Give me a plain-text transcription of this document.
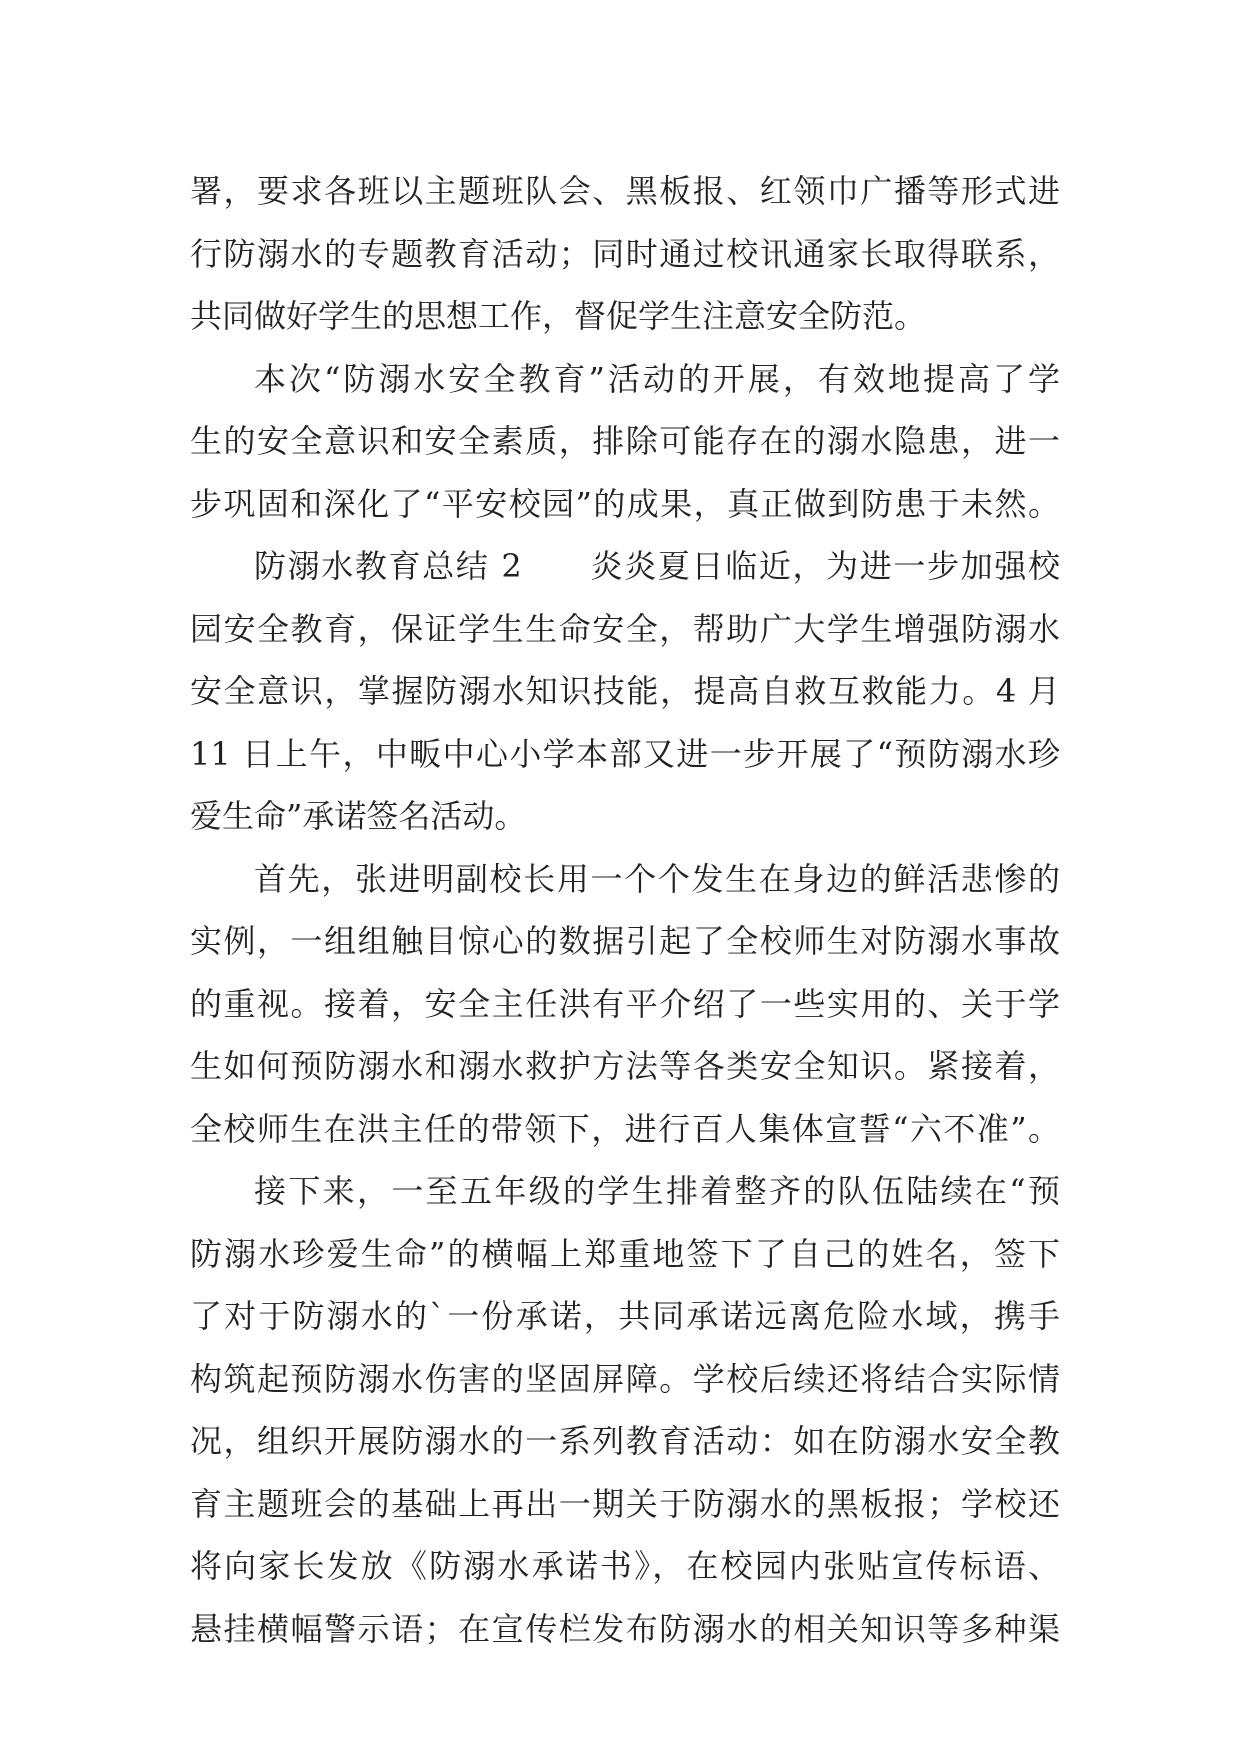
署，要求各班以主题班队会、黑板报、红领巾广播等形式进
行防溺水的专题教育活动；同时通过校讯通家长取得联系，
共同做好学生的思想工作，督促学生注意安全防范。
本次“防溺水安全教育”活动的开展，有效地提高了学
生的安全意识和安全素质，排除可能存在的溺水隐患，进一
步巩固和深化了“平安校园”的成果，真正做到防患于未然。
防溺水教育总结 2　　炎炎夏日临近，为进一步加强校
园安全教育，保证学生生命安全，帮助广大学生增强防溺水
安全意识，掌握防溺水知识技能，提高自救互救能力。4 月
11 日上午，中畈中心小学本部又进一步开展了“预防溺水珍
爱生命”承诺签名活动。
首先，张进明副校长用一个个发生在身边的鲜活悲惨的
实例，一组组触目惊心的数据引起了全校师生对防溺水事故
的重视。接着，安全主任洪有平介绍了一些实用的、关于学
生如何预防溺水和溺水救护方法等各类安全知识。紧接着，
全校师生在洪主任的带领下，进行百人集体宣誓“六不准”。
接下来，一至五年级的学生排着整齐的队伍陆续在“预
防溺水珍爱生命”的横幅上郑重地签下了自己的姓名，签下
了对于防溺水的`一份承诺，共同承诺远离危险水域，携手
构筑起预防溺水伤害的坚固屏障。学校后续还将结合实际情
况，组织开展防溺水的一系列教育活动：如在防溺水安全教
育主题班会的基础上再出一期关于防溺水的黑板报；学校还
将向家长发放《防溺水承诺书》，在校园内张贴宣传标语、
悬挂横幅警示语；在宣传栏发布防溺水的相关知识等多种渠
